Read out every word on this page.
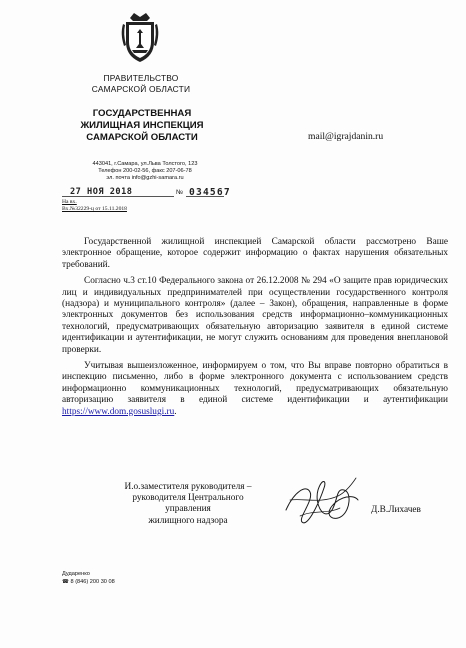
ПРАВИТЕЛЬСТВО
САМАРСКОЙ ОБЛАСТИ
ГОСУДАРСТВЕННАЯ
ЖИЛИЩНАЯ ИНСПЕКЦИЯ
САМАРСКОЙ ОБЛАСТИ	mail@igrajdanin.ru
443041, г.Самара, ул.Льва Толстого, 123
Телефон 200-02-56, факс 207-06-78
эл. почта info@gzhi-samara.ru
27 НОЯ 2018	№ 034567
На вх.
Вх.№32229-ц от 15.11.2018

Государственной жилищной инспекцией Самарской области рассмотрено Ваше электронное обращение, которое содержит информацию о фактах нарушения обязательных требований.

Согласно ч.3 ст.10 Федерального закона от 26.12.2008 № 294 «О защите прав юридических лиц и индивидуальных предпринимателей при осуществлении государственного контроля (надзора) и муниципального контроля» (далее – Закон), обращения, направленные в форме электронных документов без использования средств информационно–коммуникационных технологий, предусматривающих обязательную авторизацию заявителя в единой системе идентификации и аутентификации, не могут служить основаниям для проведения внеплановой проверки.

Учитывая вышеизложенное, информируем о том, что Вы вправе повторно обратиться в инспекцию письменно, либо в форме электронного документа с использованием средств информационно коммуникационных технологий, предусматривающих обязательную авторизацию заявителя в единой системе идентификации и аутентификации https://www.dom.gosuslugi.ru.

И.о.заместителя руководителя –
руководителя Центрального управления
жилищного надзора
Д.В.Лихачев
Дударенко
☎ 8 (846) 200 30 08
